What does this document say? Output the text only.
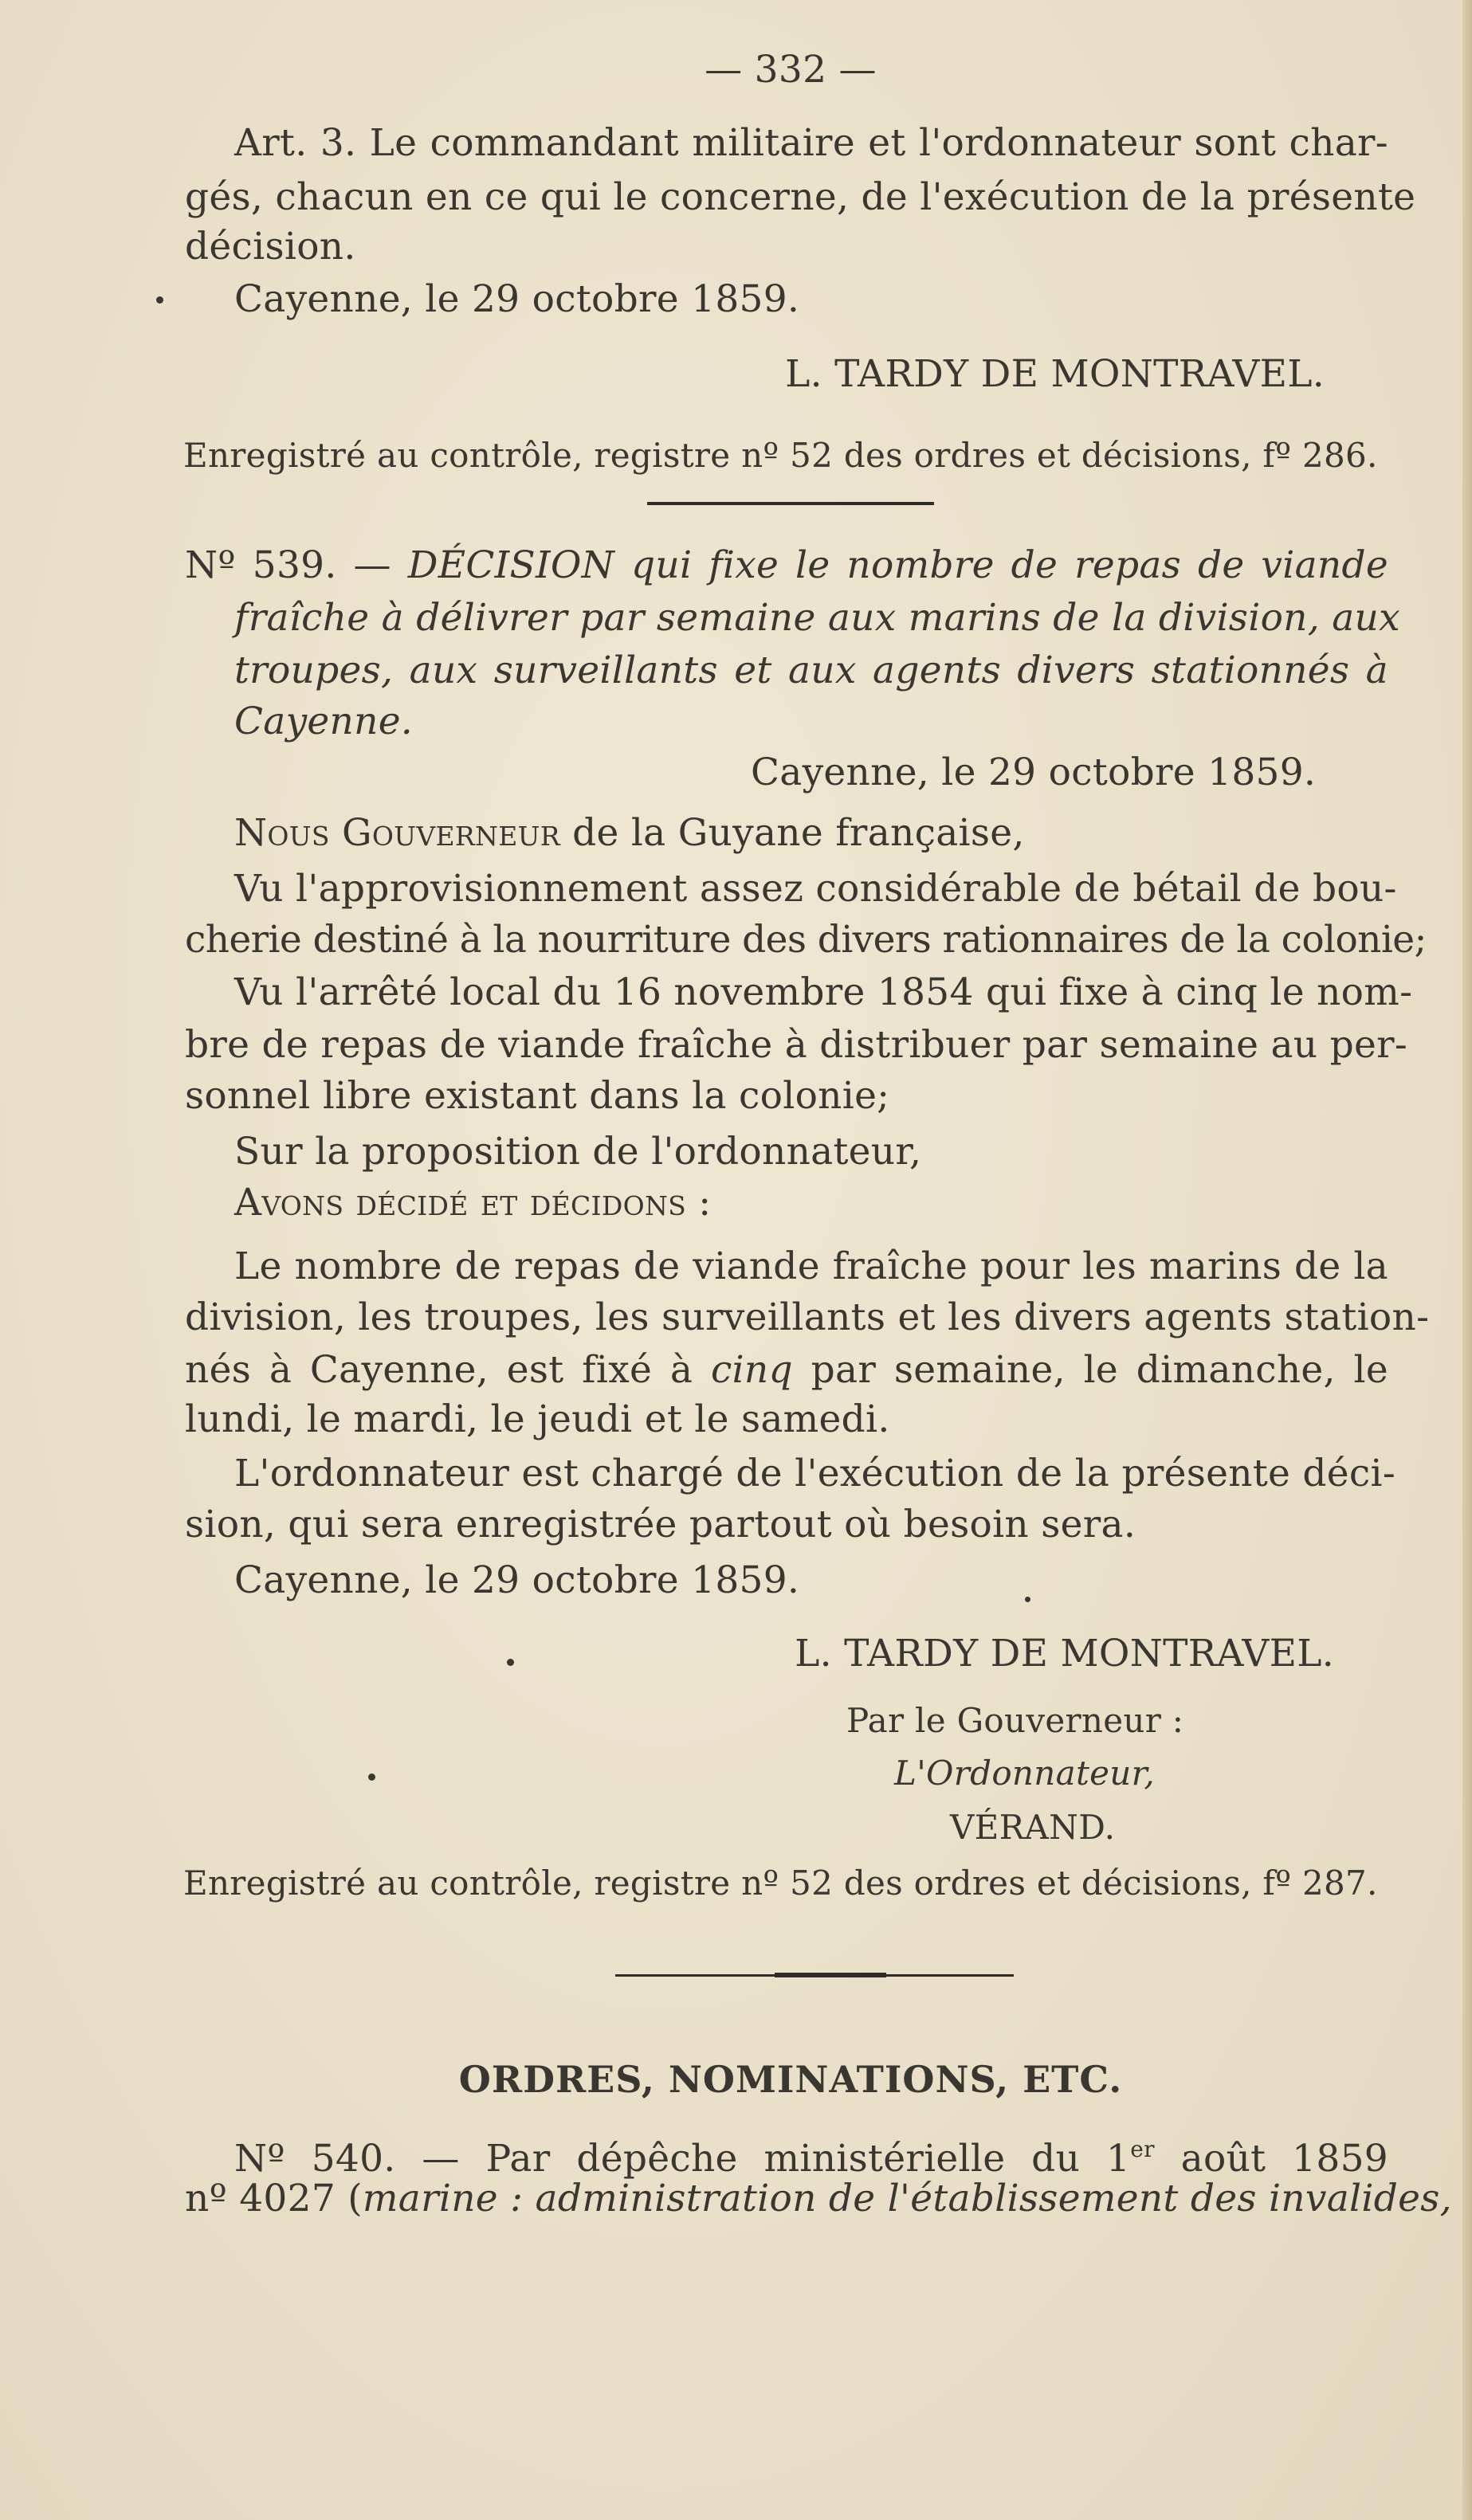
— 332 —
Art. 3. Le commandant militaire et l'ordonnateur sont char-
gés, chacun en ce qui le concerne, de l'exécution de la présente
décision.
Cayenne, le 29 octobre 1859.
L. TARDY DE MONTRAVEL.
Enregistré au contrôle, registre nº 52 des ordres et décisions, fº 286.
Nº 539. — DÉCISION qui fixe le nombre de repas de viande
fraîche à délivrer par semaine aux marins de la division, aux
troupes, aux surveillants et aux agents divers stationnés à
Cayenne.
Cayenne, le 29 octobre 1859.
Nous Gouverneur de la Guyane française,
Vu l'approvisionnement assez considérable de bétail de bou-
cherie destiné à la nourriture des divers rationnaires de la colonie;
Vu l'arrêté local du 16 novembre 1854 qui fixe à cinq le nom-
bre de repas de viande fraîche à distribuer par semaine au per-
sonnel libre existant dans la colonie;
Sur la proposition de l'ordonnateur,
Avons décidé et décidons :
Le nombre de repas de viande fraîche pour les marins de la
division, les troupes, les surveillants et les divers agents station-
nés à Cayenne, est fixé à cinq par semaine, le dimanche, le
lundi, le mardi, le jeudi et le samedi.
L'ordonnateur est chargé de l'exécution de la présente déci-
sion, qui sera enregistrée partout où besoin sera.
Cayenne, le 29 octobre 1859.
L. TARDY DE MONTRAVEL.
Par le Gouverneur :
L'Ordonnateur,
VÉRAND.
Enregistré au contrôle, registre nº 52 des ordres et décisions, fº 287.
ORDRES, NOMINATIONS, ETC.
Nº 540. — Par dépêche ministérielle du 1er août 1859
nº 4027 (marine : administration de l'établissement des invalides,
